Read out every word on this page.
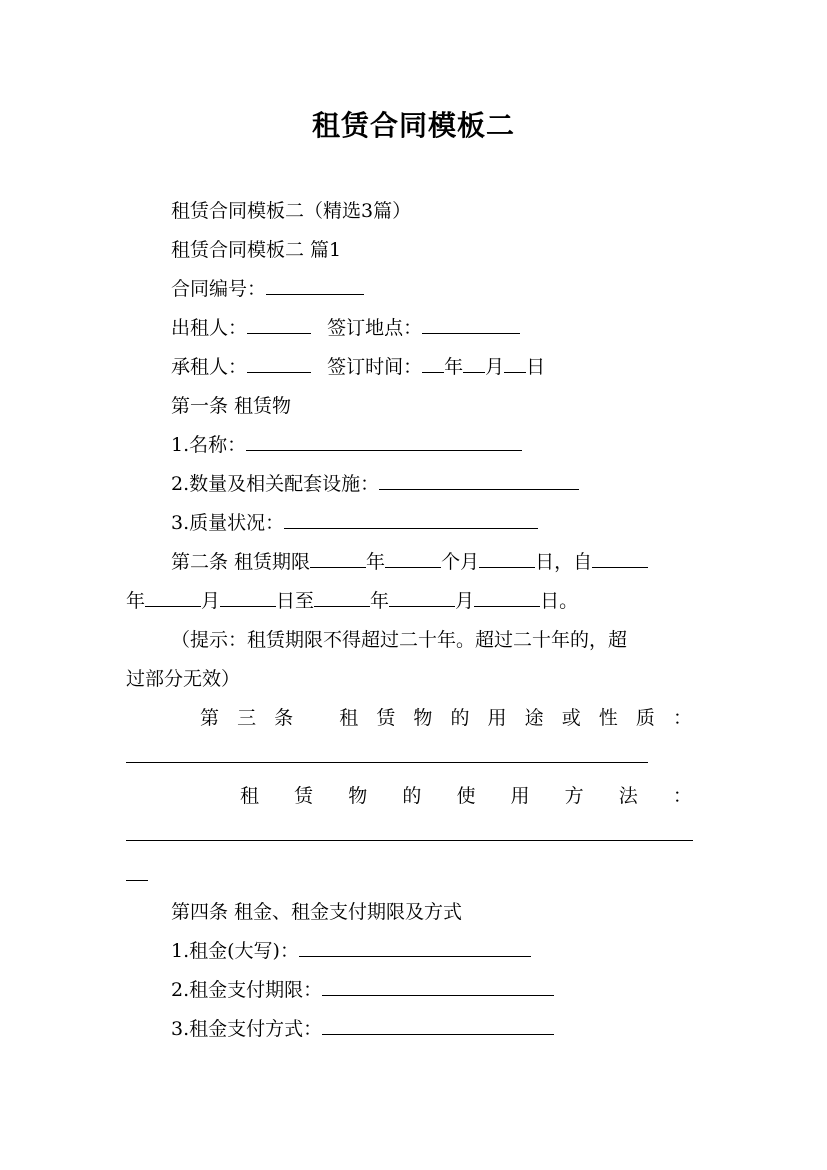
租赁合同模板二
租赁合同模板二（精选3篇）
租赁合同模板二 篇1
合同编号：
出租人：	签订地点：
承租人：	签订时间： 年 月 日
第一条 租赁物
1.名称：
2.数量及相关配套设施：
3.质量状况：
第二条 租赁期限	年	个月	日，自
年	月	日至	年	月	日。
（提示：租赁期限不得超过二十年。超过二十年的，超
过部分无效）
第 三 条 租 赁 物 的 用 途 或 性 质 ：
租 赁 物 的 使 用 方 法 ：
第四条 租金、租金支付期限及方式
1.租金(大写)：
2.租金支付期限：
3.租金支付方式：
